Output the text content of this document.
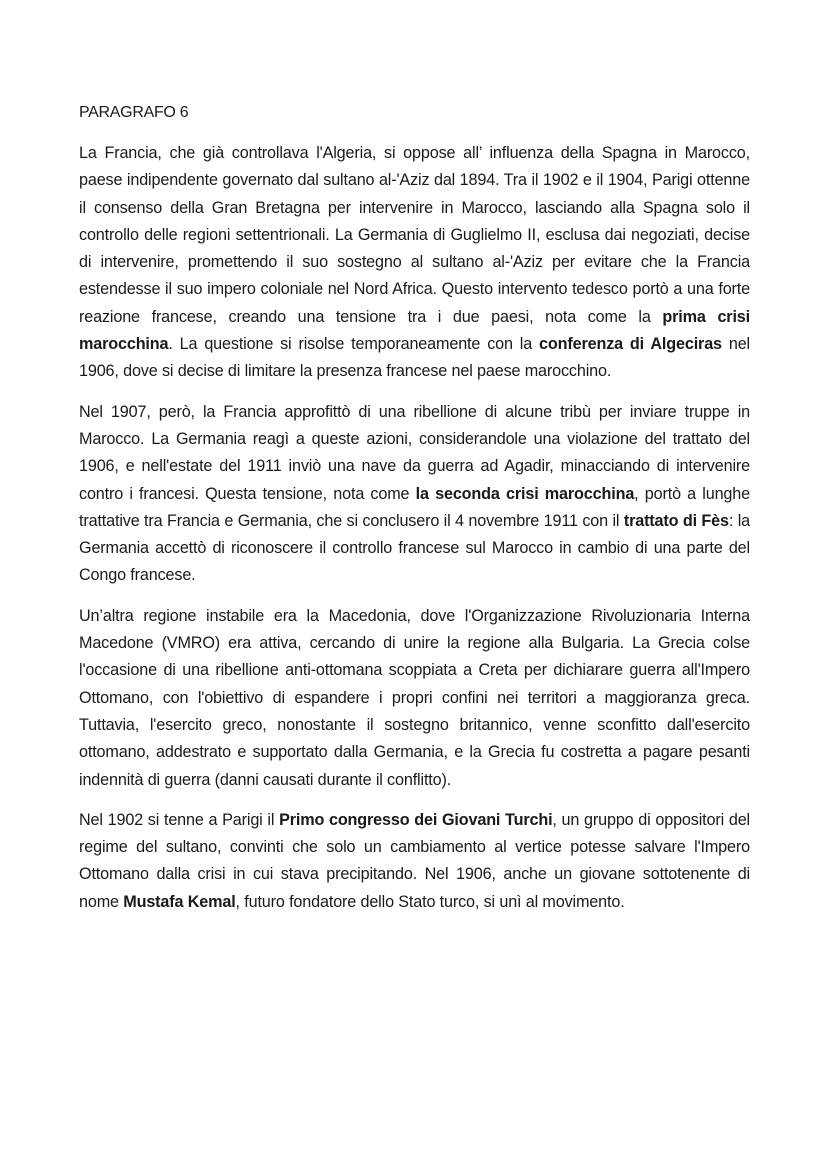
PARAGRAFO 6

La Francia, che già controllava l'Algeria, si oppose all’ influenza della Spagna in Marocco, paese indipendente governato dal sultano al-'Aziz dal 1894. Tra il 1902 e il 1904, Parigi ottenne il consenso della Gran Bretagna per intervenire in Marocco, lasciando alla Spagna solo il controllo delle regioni settentrionali. La Germania di Guglielmo II, esclusa dai negoziati, decise di intervenire, promettendo il suo sostegno al sultano al-'Aziz per evitare che la Francia estendesse il suo impero coloniale nel Nord Africa. Questo intervento tedesco portò a una forte reazione francese, creando una tensione tra i due paesi, nota come la prima crisi marocchina. La questione si risolse temporaneamente con la conferenza di Algeciras nel 1906, dove si decise di limitare la presenza francese nel paese marocchino.

Nel 1907, però, la Francia approfittò di una ribellione di alcune tribù per inviare truppe in Marocco. La Germania reagì a queste azioni, considerandole una violazione del trattato del 1906, e nell'estate del 1911 inviò una nave da guerra ad Agadir, minacciando di intervenire contro i francesi. Questa tensione, nota come la seconda crisi marocchina, portò a lunghe trattative tra Francia e Germania, che si conclusero il 4 novembre 1911 con il trattato di Fès: la Germania accettò di riconoscere il controllo francese sul Marocco in cambio di una parte del Congo francese.

Un’altra regione instabile era la Macedonia, dove l'Organizzazione Rivoluzionaria Interna Macedone (VMRO) era attiva, cercando di unire la regione alla Bulgaria. La Grecia colse l'occasione di una ribellione anti-ottomana scoppiata a Creta per dichiarare guerra all'Impero Ottomano, con l'obiettivo di espandere i propri confini nei territori a maggioranza greca. Tuttavia, l'esercito greco, nonostante il sostegno britannico, venne sconfitto dall'esercito ottomano, addestrato e supportato dalla Germania, e la Grecia fu costretta a pagare pesanti indennità di guerra (danni causati durante il conflitto).

Nel 1902 si tenne a Parigi il Primo congresso dei Giovani Turchi, un gruppo di oppositori del regime del sultano, convinti che solo un cambiamento al vertice potesse salvare l'Impero Ottomano dalla crisi in cui stava precipitando. Nel 1906, anche un giovane sottotenente di nome Mustafa Kemal, futuro fondatore dello Stato turco, si unì al movimento.
